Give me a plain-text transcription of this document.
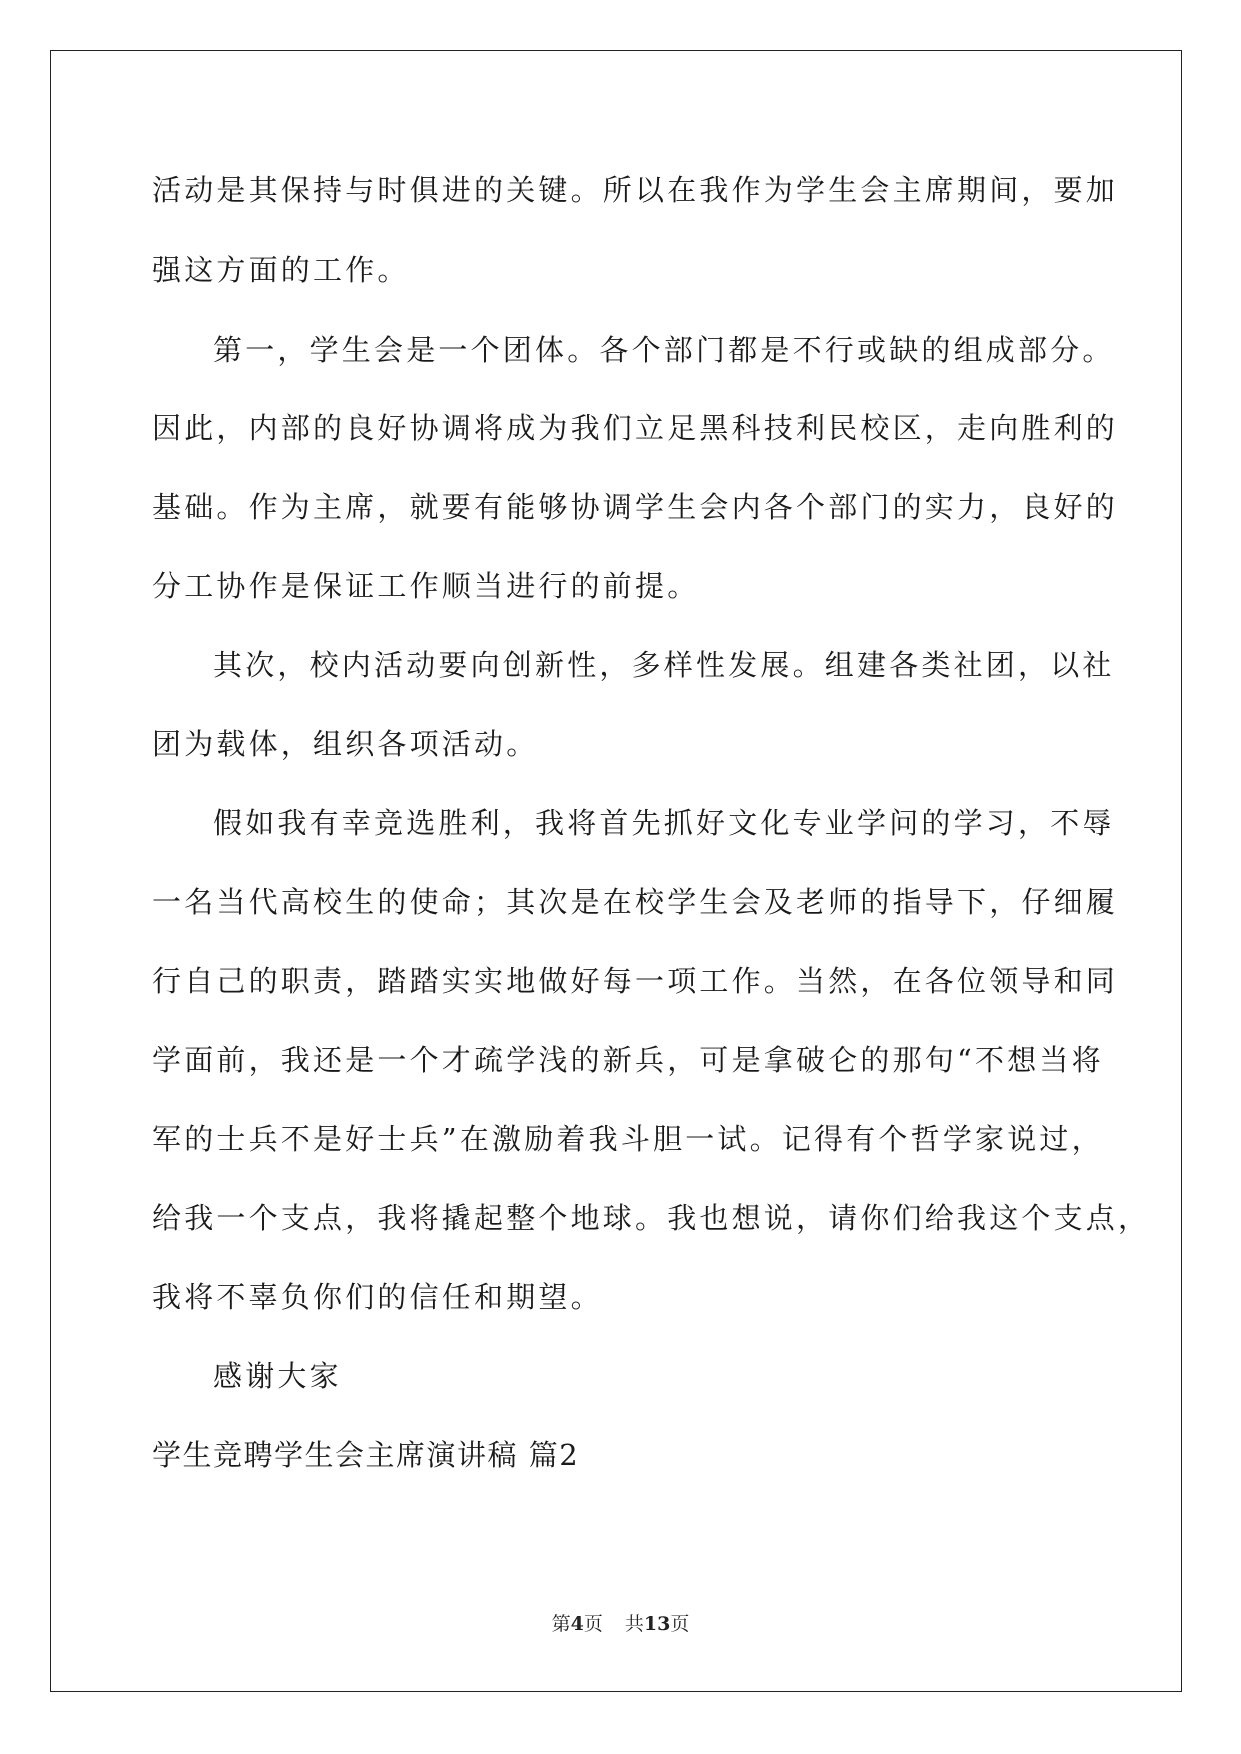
活动是其保持与时俱进的关键。所以在我作为学生会主席期间，要加
强这方面的工作。
第一，学生会是一个团体。各个部门都是不行或缺的组成部分。
因此，内部的良好协调将成为我们立足黑科技利民校区，走向胜利的
基础。作为主席，就要有能够协调学生会内各个部门的实力，良好的
分工协作是保证工作顺当进行的前提。
其次，校内活动要向创新性，多样性发展。组建各类社团，以社
团为载体，组织各项活动。
假如我有幸竞选胜利，我将首先抓好文化专业学问的学习，不辱
一名当代高校生的使命；其次是在校学生会及老师的指导下，仔细履
行自己的职责，踏踏实实地做好每一项工作。当然，在各位领导和同
学面前，我还是一个才疏学浅的新兵，可是拿破仑的那句“不想当将
军的士兵不是好士兵”在激励着我斗胆一试。记得有个哲学家说过，
给我一个支点，我将撬起整个地球。我也想说，请你们给我这个支点，
我将不辜负你们的信任和期望。
感谢大家
学生竞聘学生会主席演讲稿 篇2
第4页 共13页
